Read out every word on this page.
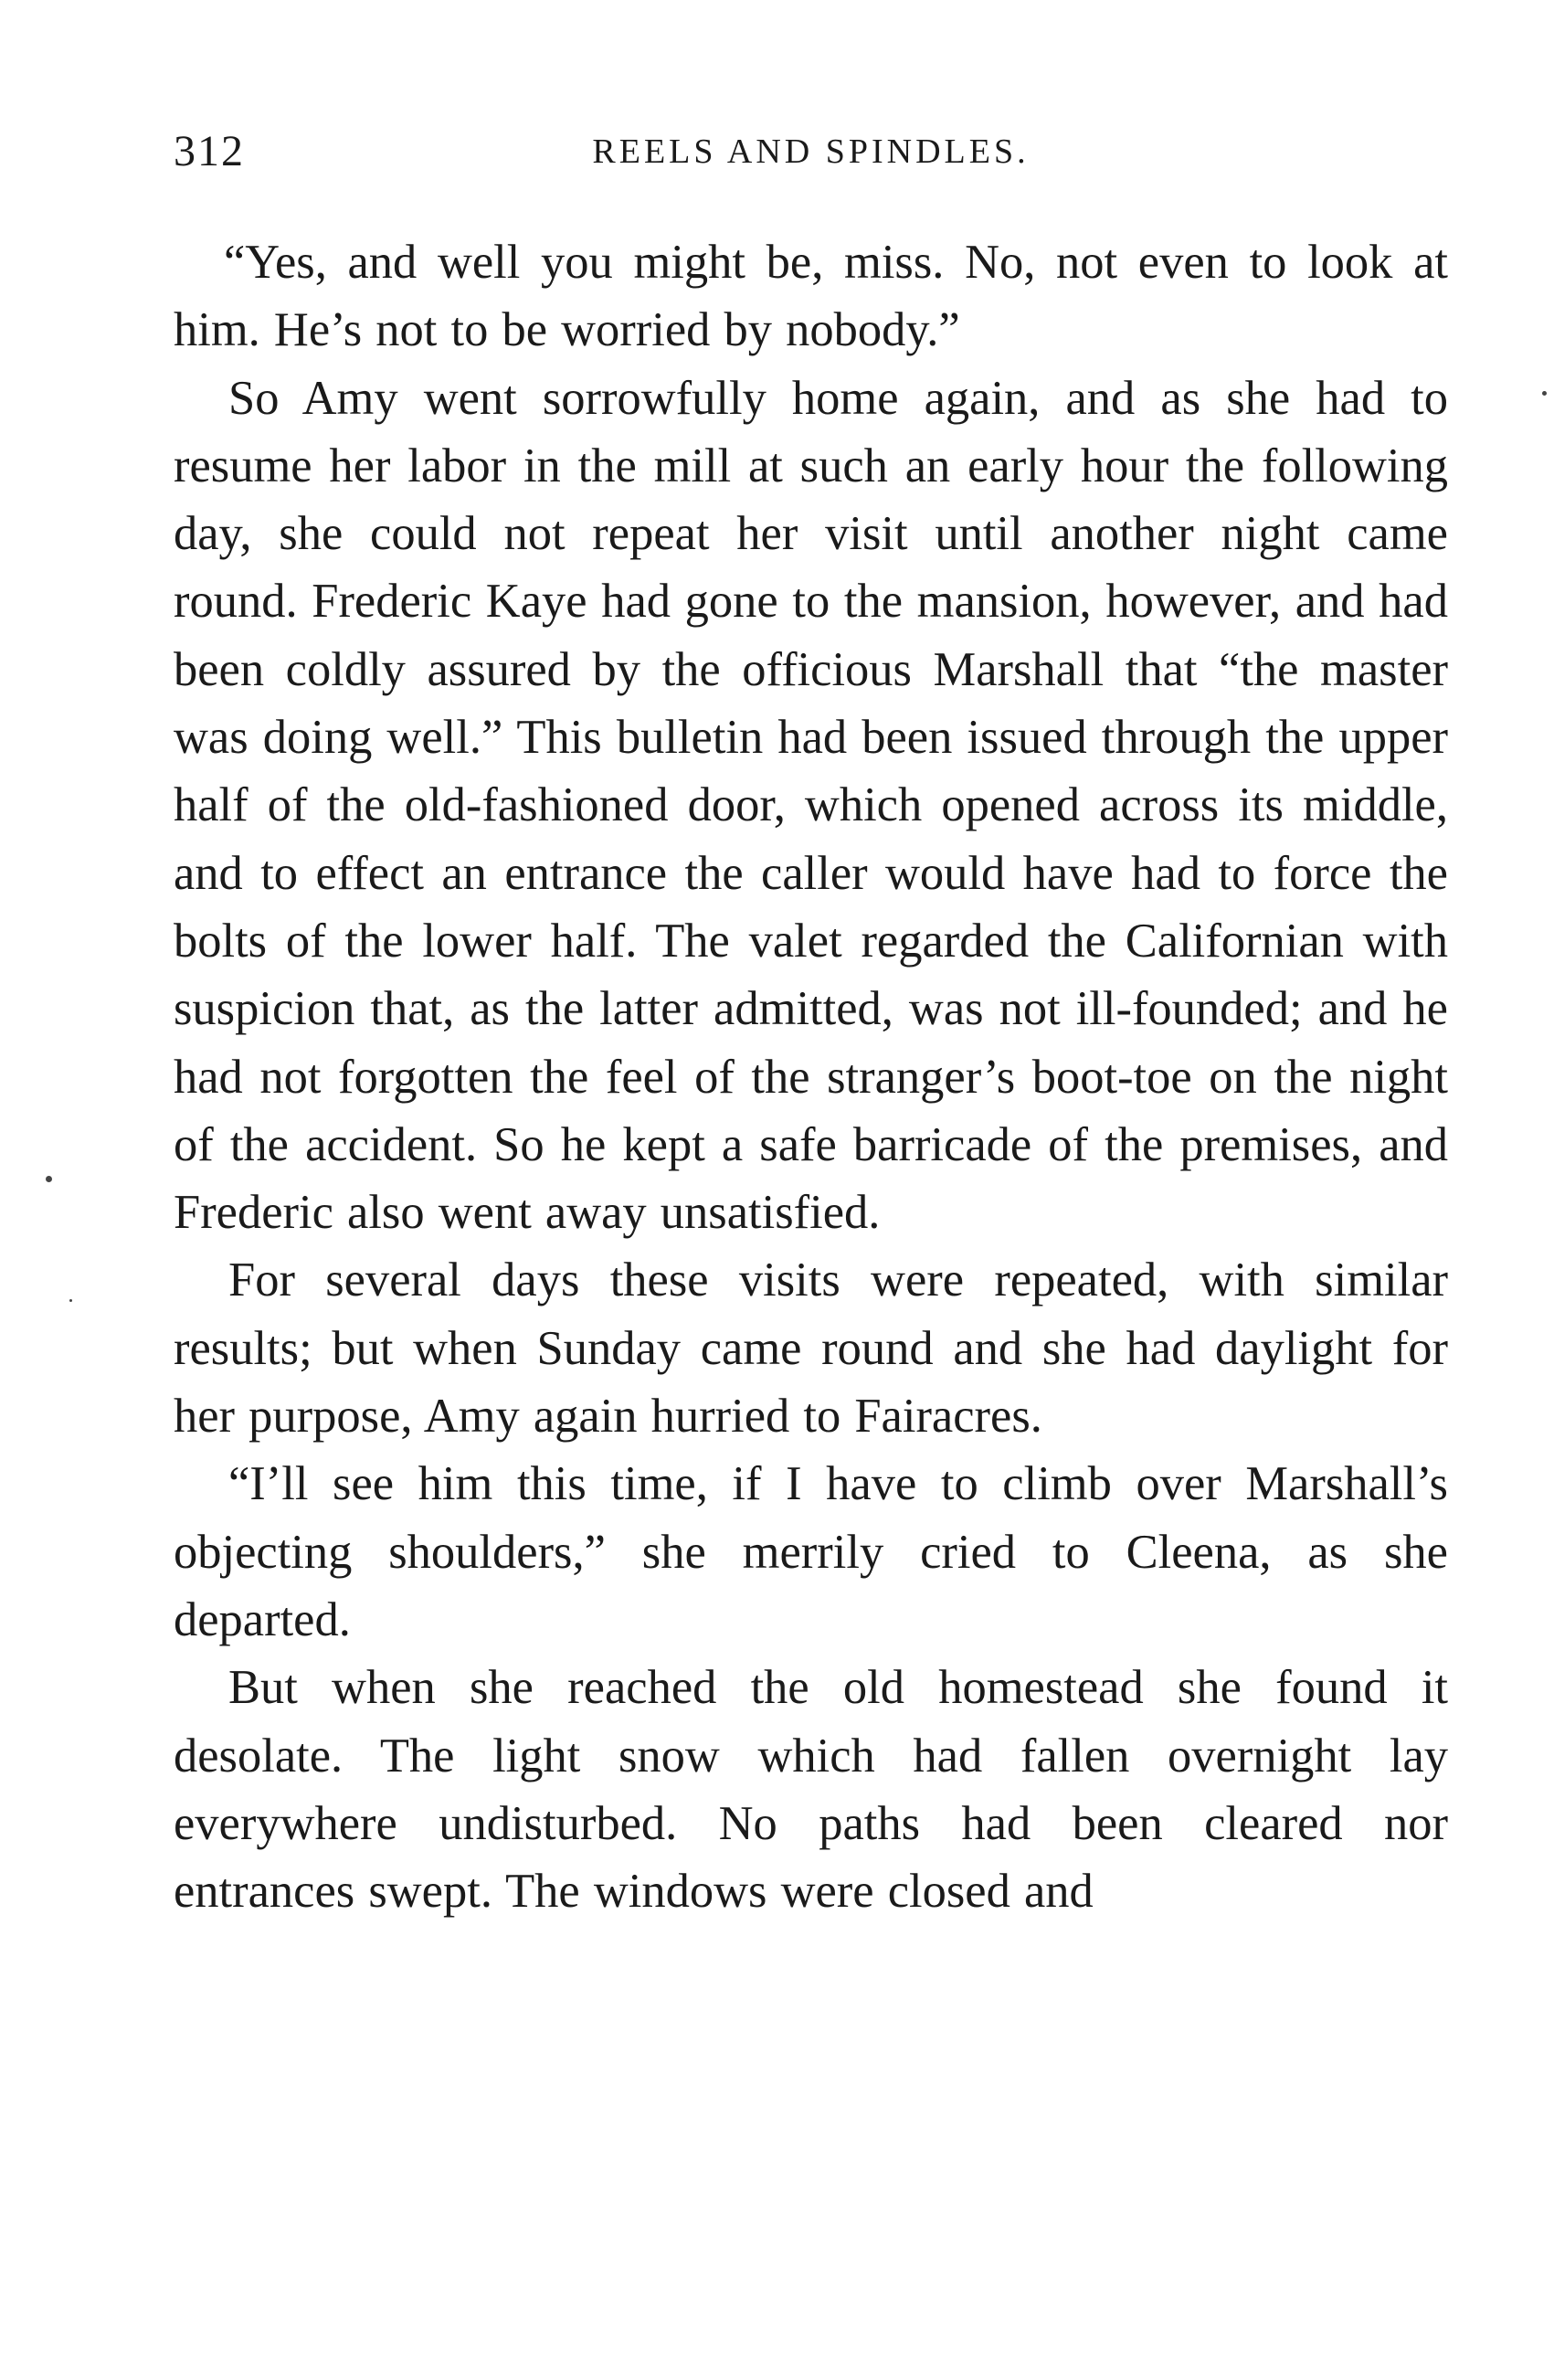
312	REELS AND SPINDLES.

“Yes, and well you might be, miss. No, not even to look at him. He’s not to be worried by nobody.”

So Amy went sorrowfully home again, and as she had to resume her labor in the mill at such an early hour the following day, she could not repeat her visit until another night came round. Frederic Kaye had gone to the mansion, however, and had been coldly assured by the officious Marshall that “the master was doing well.” This bulletin had been issued through the upper half of the old-fashioned door, which opened across its middle, and to effect an entrance the caller would have had to force the bolts of the lower half. The valet regarded the Californian with suspicion that, as the latter admitted, was not ill-founded; and he had not forgotten the feel of the stranger’s boot-toe on the night of the accident. So he kept a safe barricade of the premises, and Frederic also went away unsatisfied.

For several days these visits were repeated, with similar results; but when Sunday came round and she had daylight for her purpose, Amy again hurried to Fairacres.

“I’ll see him this time, if I have to climb over Marshall’s objecting shoulders,” she merrily cried to Cleena, as she departed.

But when she reached the old homestead she found it desolate. The light snow which had fallen overnight lay everywhere undisturbed. No paths had been cleared nor entrances swept. The windows were closed and
